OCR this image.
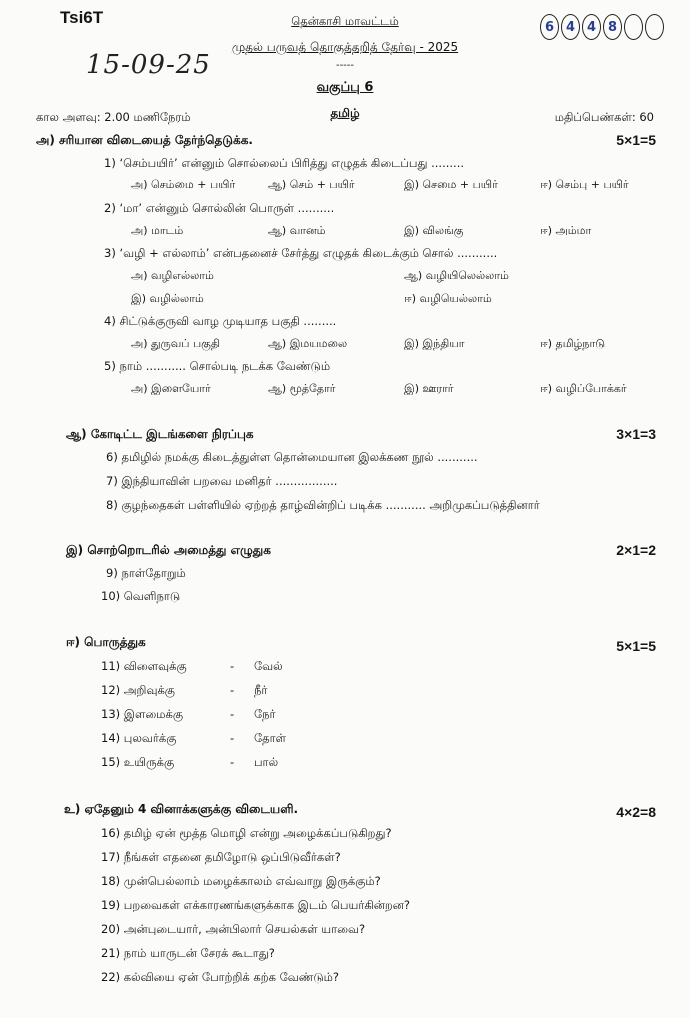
Tsi6T
15-09-25
தென்காசி மாவட்டம்
முதல் பருவத் தொகுத்தறித் தேர்வு - 2025
-----
வகுப்பு 6
தமிழ்
கால அளவு: 2.00 மணிநேரம்	மதிப்பெண்கள்: 60
6 4 4 8
அ) சரியான விடையைத் தேர்ந்தெடுக்க.	5×1=5
1) ‘செம்பயிர்’ என்னும் சொல்லைப் பிரித்து எழுதக் கிடைப்பது .........
அ) செம்மை + பயிர்	ஆ) செம் + பயிர்	இ) செமை + பயிர்	ஈ) செம்பு + பயிர்
2) ‘மா’ என்னும் சொல்லின் பொருள் ..........
அ) மாடம்	ஆ) வானம்	இ) விலங்கு	ஈ) அம்மா
3) ‘வழி + எல்லாம்’ என்பதனைச் சேர்த்து எழுதக் கிடைக்கும் சொல் ...........
அ) வழிஎல்லாம்	ஆ) வழியிலெல்லாம்
இ) வழில்லாம்	ஈ) வழியெல்லாம்
4) சிட்டுக்குருவி வாழ முடியாத பகுதி .........
அ) துருவப் பகுதி	ஆ) இமயமலை	இ) இந்தியா	ஈ) தமிழ்நாடு
5) நாம் ........... சொல்படி நடக்க வேண்டும்
அ) இளையோர்	ஆ) மூத்தோர்	இ) ஊரார்	ஈ) வழிப்போக்கர்
ஆ) கோடிட்ட இடங்களை நிரப்புக	3×1=3
6) தமிழில் நமக்கு கிடைத்துள்ள தொன்மையான இலக்கண நூல் ...........
7) இந்தியாவின் பறவை மனிதர் .................
8) குழந்தைகள் பள்ளியில் ஏற்றத் தாழ்வின்றிப் படிக்க ........... அறிமுகப்படுத்தினார்
இ) சொற்றொடரில் அமைத்து எழுதுக	2×1=2
9) நாள்தோறும்
10) வெளிநாடு
ஈ) பொருத்துக	5×1=5
11) விளைவுக்கு	- வேல்
12) அறிவுக்கு	- நீர்
13) இளமைக்கு	- நேர்
14) புலவர்க்கு	- தோள்
15) உயிருக்கு	- பால்
உ) ஏதேனும் 4 வினாக்களுக்கு விடையளி.	4×2=8
16) தமிழ் ஏன் மூத்த மொழி என்று அழைக்கப்படுகிறது?
17) நீங்கள் எதனை தமிழோடு ஒப்பிடுவீர்கள்?
18) முன்பெல்லாம் மழைக்காலம் எவ்வாறு இருக்கும்?
19) பறவைகள் எக்காரணங்களுக்காக இடம் பெயர்கின்றன?
20) அன்புடையார், அன்பிலார் செயல்கள் யாவை?
21) நாம் யாருடன் சேரக் கூடாது?
22) கல்வியை ஏன் போற்றிக் கற்க வேண்டும்?
